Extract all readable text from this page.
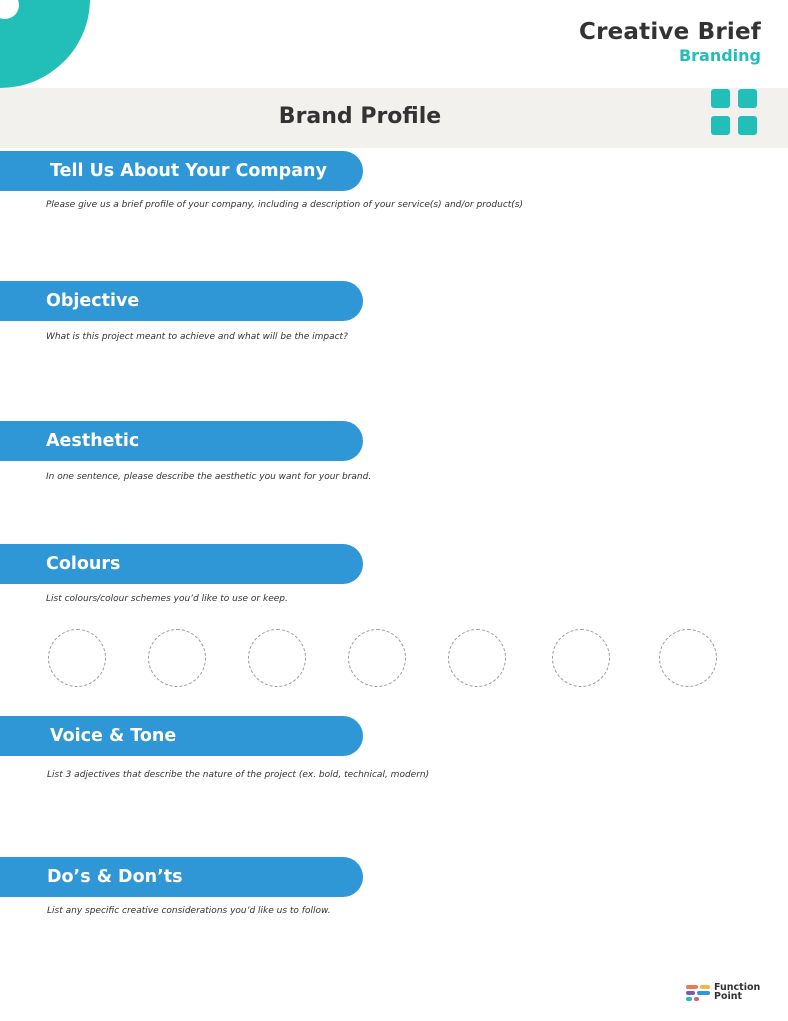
Creative Brief
Branding
Brand Profile
Tell Us About Your Company
Please give us a brief profile of your company, including a description of your service(s) and/or product(s)
Objective
What is this project meant to achieve and what will be the impact?
Aesthetic
In one sentence, please describe the aesthetic you want for your brand.
Colours
List colours/colour schemes you’d like to use or keep.
Voice & Tone
List 3 adjectives that describe the nature of the project (ex. bold, technical, modern)
Do’s & Don’ts
List any specific creative considerations you’d like us to follow.
Function
Point
